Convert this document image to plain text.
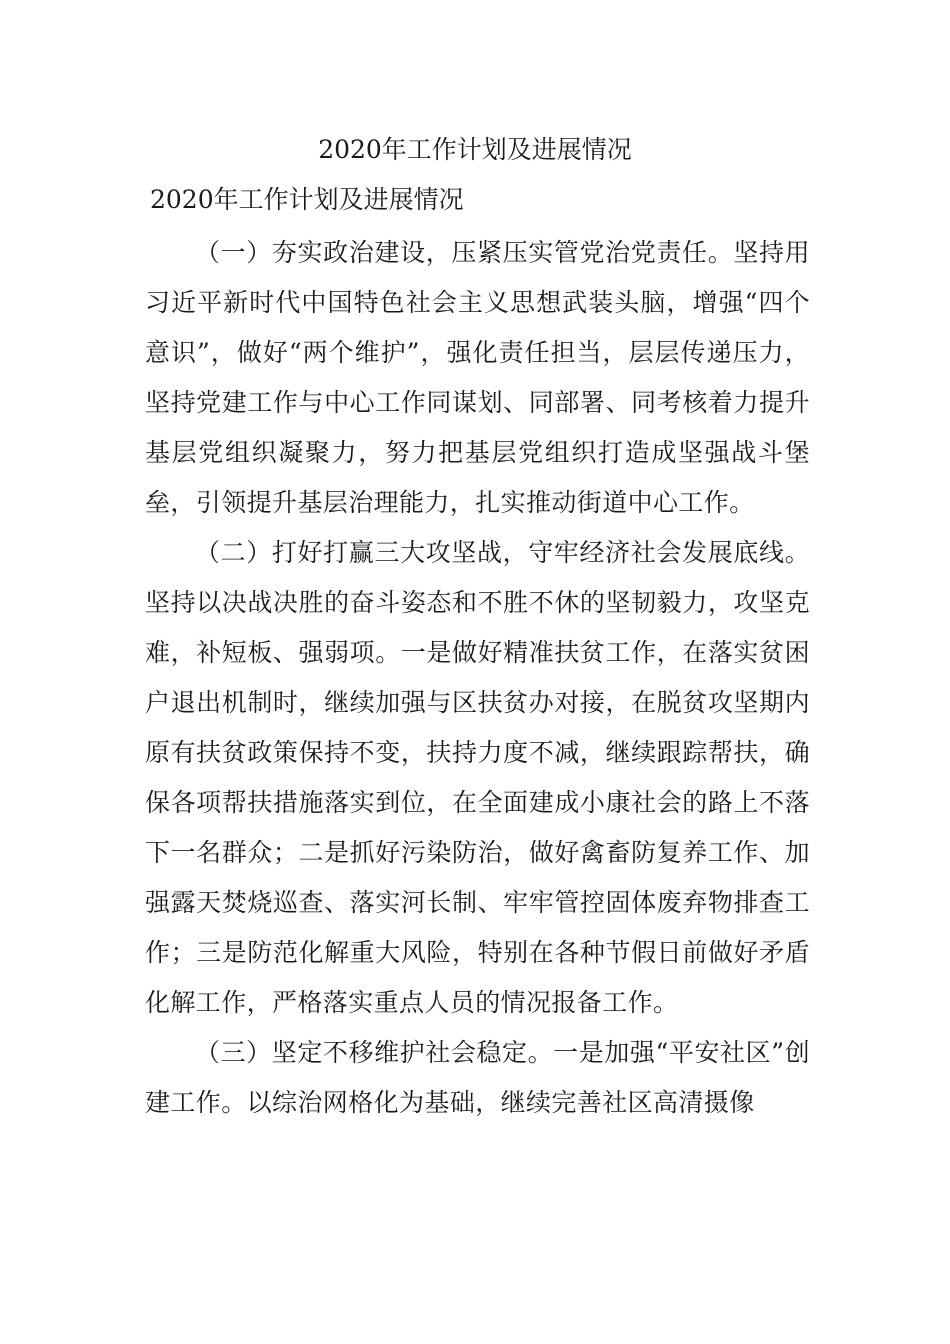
2020年工作计划及进展情况
2020年工作计划及进展情况

（一）夯实政治建设，压紧压实管党治党责任。坚持用习近平新时代中国特色社会主义思想武装头脑，增强“四个意识”，做好“两个维护”，强化责任担当，层层传递压力，坚持党建工作与中心工作同谋划、同部署、同考核着力提升基层党组织凝聚力，努力把基层党组织打造成坚强战斗堡垒，引领提升基层治理能力，扎实推动街道中心工作。

（二）打好打赢三大攻坚战，守牢经济社会发展底线。坚持以决战决胜的奋斗姿态和不胜不休的坚韧毅力，攻坚克难，补短板、强弱项。一是做好精准扶贫工作，在落实贫困户退出机制时，继续加强与区扶贫办对接，在脱贫攻坚期内原有扶贫政策保持不变，扶持力度不减，继续跟踪帮扶，确保各项帮扶措施落实到位，在全面建成小康社会的路上不落下一名群众；二是抓好污染防治，做好禽畜防复养工作、加强露天焚烧巡查、落实河长制、牢牢管控固体废弃物排查工作；三是防范化解重大风险，特别在各种节假日前做好矛盾化解工作，严格落实重点人员的情况报备工作。

（三）坚定不移维护社会稳定。一是加强“平安社区”创建工作。以综治网格化为基础，继续完善社区高清摄像
